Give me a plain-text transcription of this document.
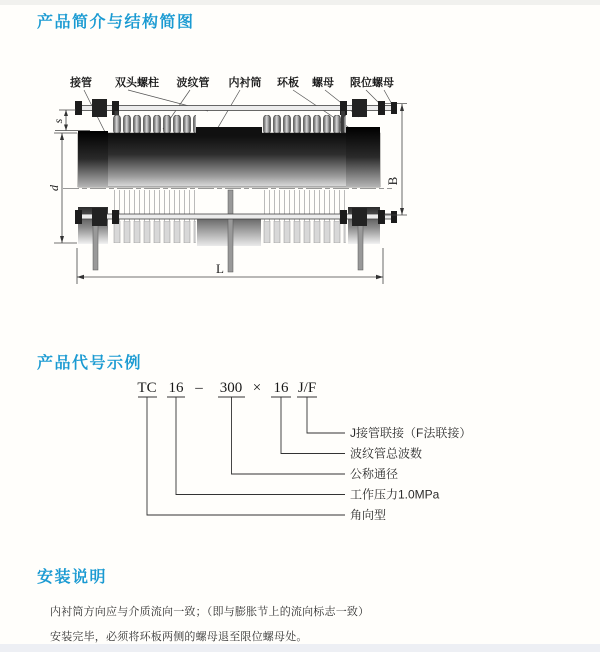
产品简介与结构简图
接管 双头螺柱 波纹管 内衬筒 环板 螺母 限位螺母
s
d
B
L
产品代号示例
TC 16 – 300 × 16 J/F
J接管联接（F法联接）
波纹管总波数
公称通径
工作压力1.0MPa
角向型
安装说明

内衬筒方向应与介质流向一致；（即与膨胀节上的流向标志一致）

安装完毕，必须将环板两侧的螺母退至限位螺母处。
